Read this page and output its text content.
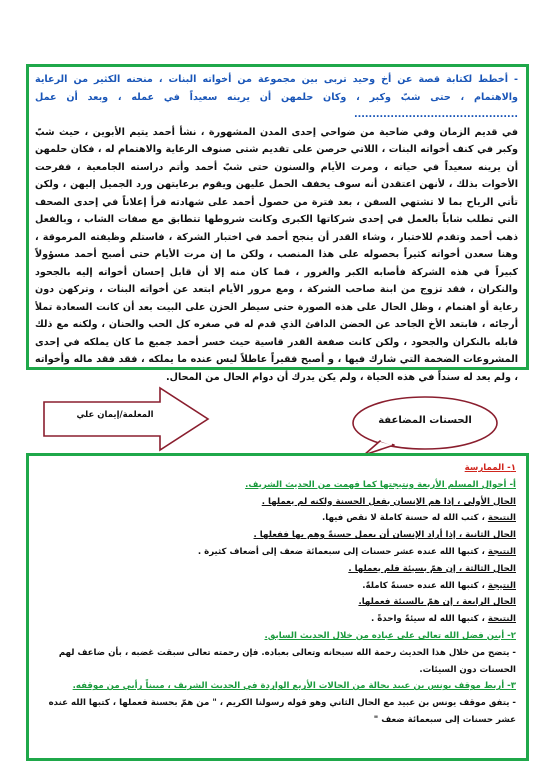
- أخطط لكتابة قصة عن أخ وحيد تربى بين مجموعة من أخواته البنات ، منحنه الكثير من الرعاية والاهتمام ، حتى شبّ وكبر ، وكان حلمهن أن يرينه سعيداً في عمله ، وبعد أن عمل .............................................

في قديم الزمان وفي ضاحية من ضواحي إحدى المدن المشهورة ، نشأ أحمد يتيم الأبوين ، حيث شبّ وكبر في كنف أخواته البنات ، اللاتي حرصن على تقديم شتى صنوف الرعاية والاهتمام له ، فكان حلمهن أن يرينه سعيداً في حياته ، ومرت الأيام والسنون حتى شبّ أحمد وأتم دراسته الجامعية ، ففرحت الأخوات بذلك ، لأنهن اعتقدن أنه سوف يخفف الحمل عليهن ويقوم برعايتهن ورد الجميل إليهن ، ولكن تأتي الرياح بما لا تشتهي السفن ، بعد فترة من حصول أحمد على شهادته قرأ إعلاناً في إحدى الصحف التي تطلب شاباً بالعمل في إحدى شركاتها الكبرى وكانت شروطها تتطابق مع صفات الشاب ، وبالفعل ذهب أحمد وتقدم للاختبار ، وشاء القدر أن ينجح أحمد في اختبار الشركة ، فاستلم وظيفته المرموقة ، وهنا سعدن أخواته كثيراً بحصوله على هذا المنصب ، ولكن ما إن مرت الأيام حتى أصبح أحمد مسؤولاً كبيراً في هذه الشركة فأصابه الكبر والغرور ، فما كان منه إلا أن قابل إحسان أخواته إليه بالجحود والنكران ، فقد تزوج من ابنة صاحب الشركة ، ومع مرور الأيام ابتعد عن أخواته البنات ، وتركهن دون رعاية أو اهتمام ، وظل الحال على هذه الصورة حتى سيطر الحزن على البيت بعد أن كانت السعادة تملأ أرجائه ، فابتعد الأخ الجاحد عن الحضن الدافئ الذي قدم له في صغره كل الحب والحنان ، ولكنه مع ذلك قابله بالنكران والجحود ، ولكن كانت صفعة القدر قاسية حيث خسر أحمد جميع ما كان يملكه في إحدى المشروعات الضخمة التي شارك فيها ، و أصبح فقيراً عاطلاً ليس عنده ما يملكه ، فقد فقد ماله وأخواته ، ولم يعد له سنداً في هذه الحياة ، ولم يكن يدرك أن دوام الحال من المحال.

المعلمة/إيمان علي	الحسنات المضاعفة

١- الممارسة

أ- أحوال المسلم الأربعة ونتيجتها كما فهمت من الحديث الشريف.

الحال الأولى ، إذا هم الإنسان بفعل الحسنة ولكنه لم يعملها .

النتيجة ، كتب الله له حسنة كاملة لا نقص فيها.

الحال الثانية ، إذا أراد الإنسان أن يعمل حسنةً وهم بها ففعلها .

النتيجة ، كتبها الله عنده عشر حسنات إلى سبعمائة ضعف إلى أضعاف كثيرة .

الحال الثالثة ، إن همّ بسيئة فلم يعملها .

النتيجة ، كتبها الله عنده حسنةً كاملةً.

الحال الرابعة ، إن همّ بالسيئة فعملها.

النتيجة ، كتبها الله له سيئةً واحدةً .

٢- أبين فضل الله تعالى على عباده من خلال الحديث السابق.

- يتضح من خلال هذا الحديث رحمة الله سبحانه وتعالى بعباده. فإن رحمته تعالى سبقت غضبه ، بأن ضاعف لهم الحسنات دون السيئات.

٣- أربط موقف يونس بن عبيد بحالة من الحالات الأربع الواردة في الحديث الشريف ، مبيناً رأيي من موقفه.

- يتفق موقف يونس بن عبيد مع الحال الثاني وهو قوله رسولنا الكريم ، " من همّ بحسنة فعملها ، كتبها الله عنده عشر حسنات إلى سبعمائة ضعف "
